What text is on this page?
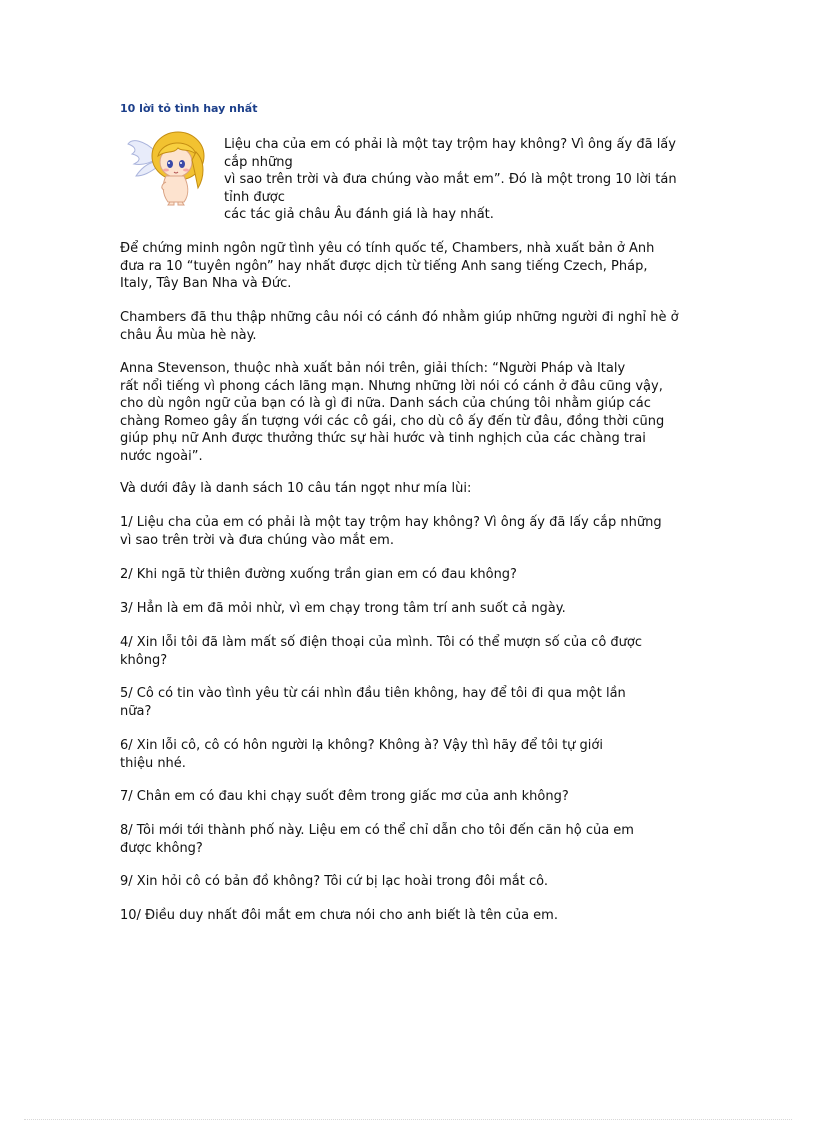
10 lời tỏ tình hay nhất
Liệu cha của em có phải là một tay trộm hay không? Vì ông ấy đã lấy
cắp những
vì sao trên trời và đưa chúng vào mắt em”. Đó là một trong 10 lời tán
tỉnh được
các tác giả châu Âu đánh giá là hay nhất.
Để chứng minh ngôn ngữ tình yêu có tính quốc tế, Chambers, nhà xuất bản ở Anh
đưa ra 10 “tuyên ngôn” hay nhất được dịch từ tiếng Anh sang tiếng Czech, Pháp,
Italy, Tây Ban Nha và Đức.
Chambers đã thu thập những câu nói có cánh đó nhằm giúp những người đi nghỉ hè ở
châu Âu mùa hè này.
Anna Stevenson, thuộc nhà xuất bản nói trên, giải thích: “Người Pháp và Italy
rất nổi tiếng vì phong cách lãng mạn. Nhưng những lời nói có cánh ở đâu cũng vậy,
cho dù ngôn ngữ của bạn có là gì đi nữa. Danh sách của chúng tôi nhằm giúp các
chàng Romeo gây ấn tượng với các cô gái, cho dù cô ấy đến từ đâu, đồng thời cũng
giúp phụ nữ Anh được thưởng thức sự hài hước và tinh nghịch của các chàng trai
nước ngoài”.
Và dưới đây là danh sách 10 câu tán ngọt như mía lùi:
1/ Liệu cha của em có phải là một tay trộm hay không? Vì ông ấy đã lấy cắp những
vì sao trên trời và đưa chúng vào mắt em.
2/ Khi ngã từ thiên đường xuống trần gian em có đau không?
3/ Hẳn là em đã mỏi nhừ, vì em chạy trong tâm trí anh suốt cả ngày.
4/ Xin lỗi tôi đã làm mất số điện thoại của mình. Tôi có thể mượn số của cô được
không?
5/ Cô có tin vào tình yêu từ cái nhìn đầu tiên không, hay để tôi đi qua một lần
nữa?
6/ Xin lỗi cô, cô có hôn người lạ không? Không à? Vậy thì hãy để tôi tự giới
thiệu nhé.
7/ Chân em có đau khi chạy suốt đêm trong giấc mơ của anh không?
8/ Tôi mới tới thành phố này. Liệu em có thể chỉ dẫn cho tôi đến căn hộ của em
được không?
9/ Xin hỏi cô có bản đồ không? Tôi cứ bị lạc hoài trong đôi mắt cô.
10/ Điều duy nhất đôi mắt em chưa nói cho anh biết là tên của em.
